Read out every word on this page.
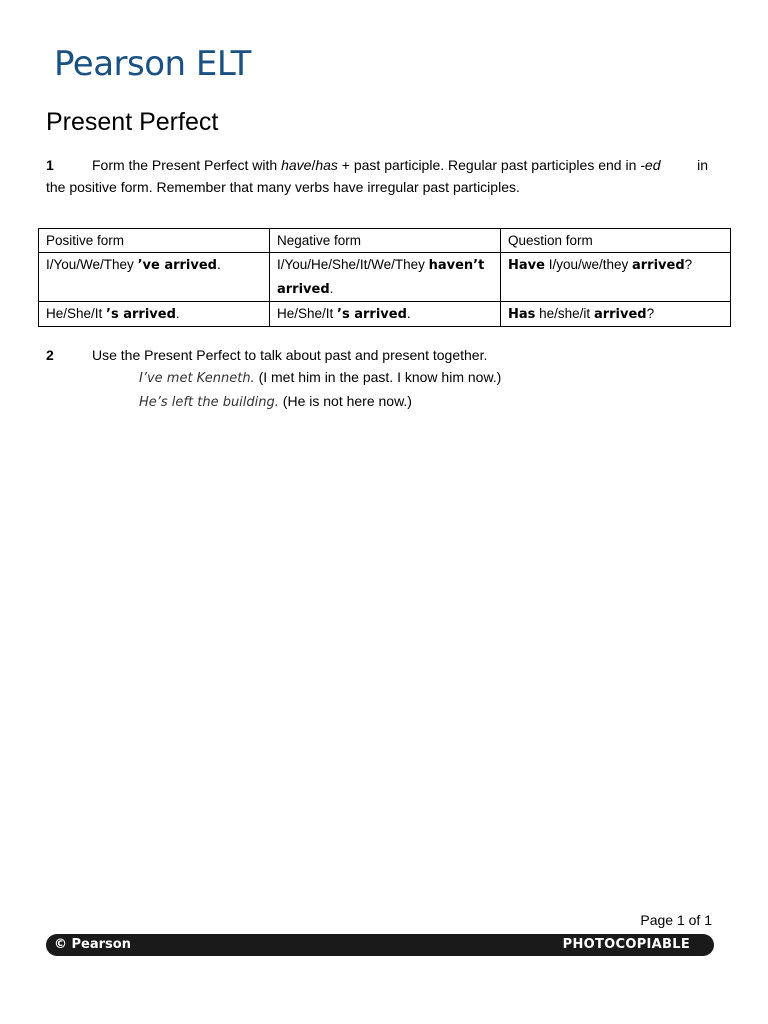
Pearson ELT
Present Perfect
1	Form the Present Perfect with have/has + past participle. Regular past participles end in -ed	in
the positive form. Remember that many verbs have irregular past participles.
Positive form	Negative form	Question form
I/You/We/They ’ve arrived.	I/You/He/She/It/We/They haven’t arrived.	Have I/you/we/they arrived?
He/She/It ’s arrived.	He/She/It ’s arrived.	Has he/she/it arrived?
2	Use the Present Perfect to talk about past and present together.
I’ve met Kenneth. (I met him in the past. I know him now.)
He’s left the building. (He is not here now.)
Page 1 of 1
© Pearson	PHOTOCOPIABLE
